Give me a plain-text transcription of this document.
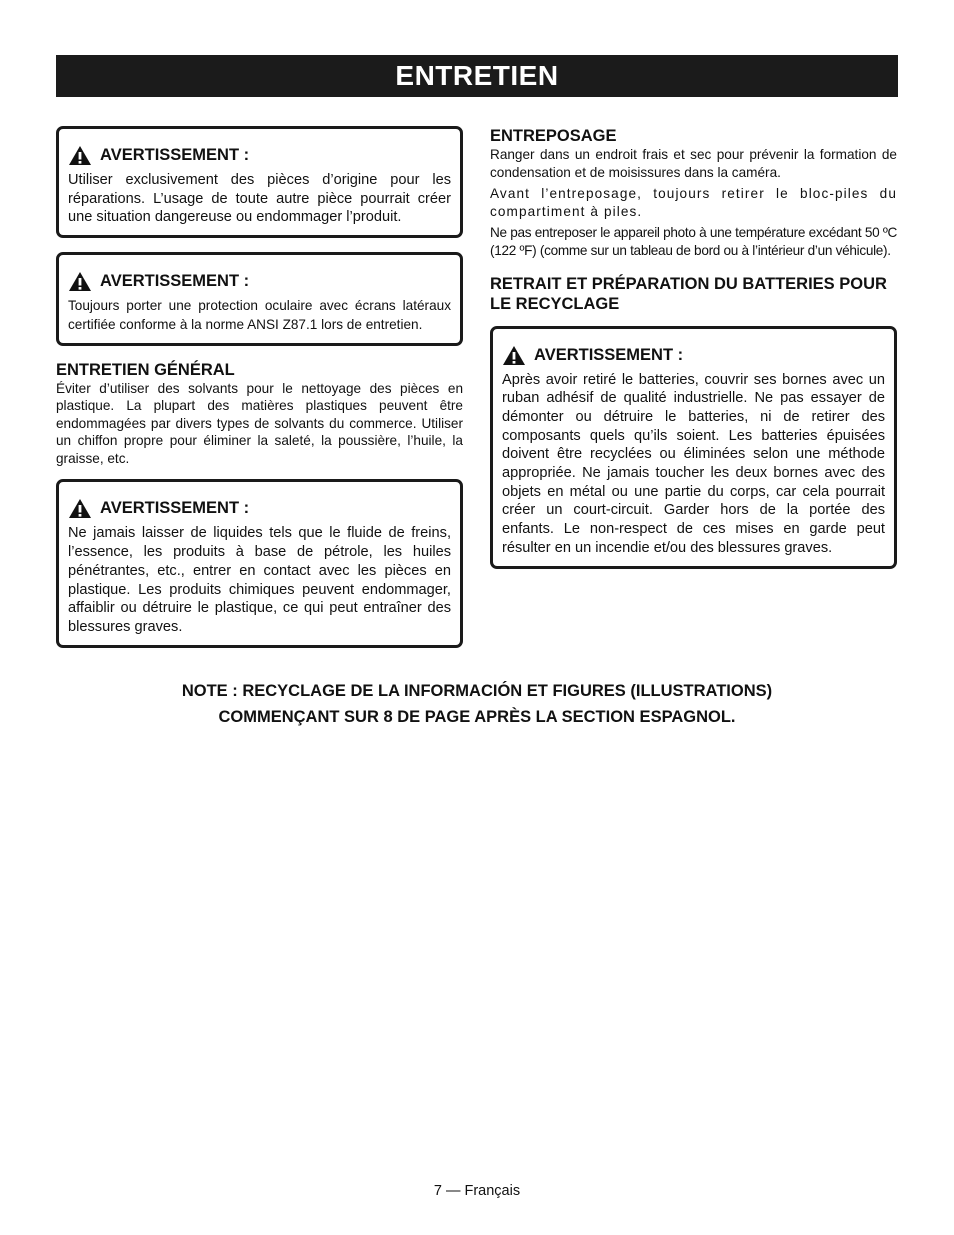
ENTRETIEN
AVERTISSEMENT :
Utiliser exclusivement des pièces d’origine pour les réparations. L’usage de toute autre pièce pourrait créer une situation dangereuse ou endommager l’produit.
AVERTISSEMENT :
Toujours porter une protection oculaire avec écrans latéraux certifiée conforme à la norme ANSI Z87.1 lors de entretien.
ENTRETIEN GÉNÉRAL

Éviter d’utiliser des solvants pour le nettoyage des pièces en plastique. La plupart des matières plastiques peuvent être endommagées par divers types de solvants du commerce. Utiliser un chiffon propre pour éliminer la saleté, la poussière, l’huile, la graisse, etc.

AVERTISSEMENT :
Ne jamais laisser de liquides tels que le fluide de freins, l’essence, les produits à base de pétrole, les huiles pénétrantes, etc., entrer en contact avec les pièces en plastique. Les produits chimiques peuvent endommager, affaiblir ou détruire le plastique, ce qui peut entraîner des blessures graves.
ENTREPOSAGE

Ranger dans un endroit frais et sec pour prévenir la formation de condensation et de moisissures dans la caméra.

Avant l’entreposage, toujours retirer le bloc-piles du compartiment à piles.

Ne pas entreposer le appareil photo à une température excédant 50 ºC (122 ºF) (comme sur un tableau de bord ou à l’intérieur d’un véhicule).

RETRAIT ET PRÉPARATION DU BATTERIES POUR LE RECYCLAGE
AVERTISSEMENT :
Après avoir retiré le batteries, couvrir ses bornes avec un ruban adhésif de qualité industrielle. Ne pas essayer de démonter ou détruire le batteries, ni de retirer des composants quels qu’ils soient. Les batteries épuisées doivent être recyclées ou éliminées selon une méthode appropriée. Ne jamais toucher les deux bornes avec des objets en métal ou une partie du corps, car cela pourrait créer un court-circuit. Garder hors de la portée des enfants. Le non-respect de ces mises en garde peut résulter en un incendie et/ou des blessures graves.
NOTE : RECYCLAGE DE LA INFORMACIÓN ET FIGURES (ILLUSTRATIONS)
COMMENÇANT SUR 8 DE PAGE APRÈS LA SECTION ESPAGNOL.
7 — Français
